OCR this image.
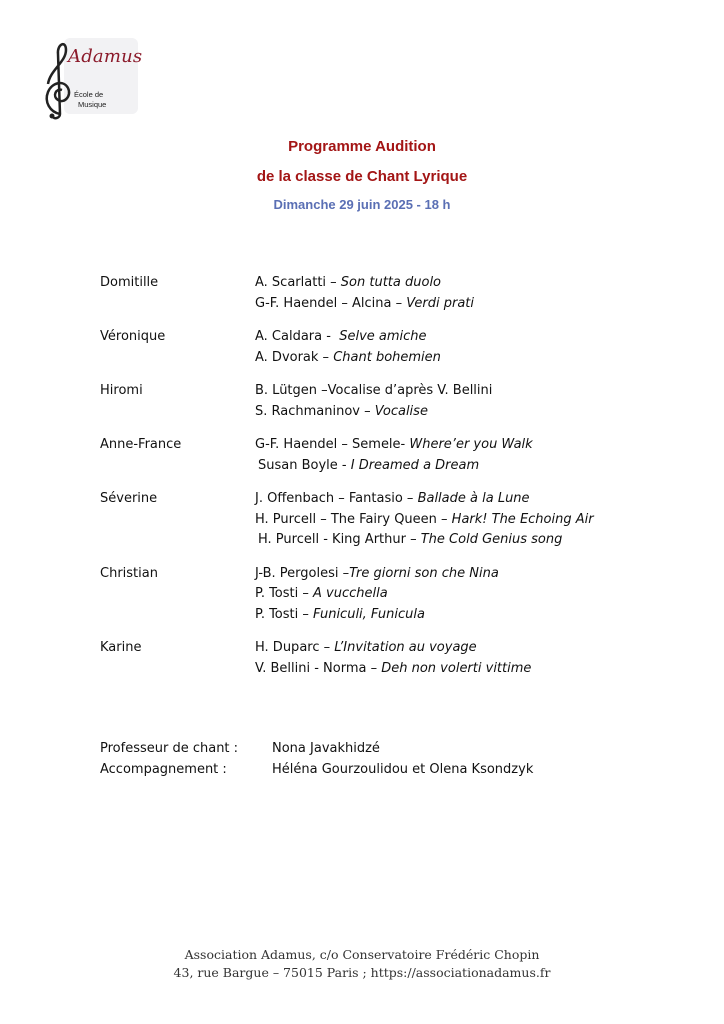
Adamus
École de
Musique
Programme Audition
de la classe de Chant Lyrique
Dimanche 29 juin 2025 - 18 h
Domitille	A. Scarlatti – Son tutta duolo
G-F. Haendel – Alcina – Verdi prati
Véronique	A. Caldara -  Selve amiche
A. Dvorak – Chant bohemien
Hiromi	B. Lütgen –Vocalise d’après V. Bellini
S. Rachmaninov – Vocalise
Anne-France	G-F. Haendel – Semele- Where’er you Walk
Susan Boyle - I Dreamed a Dream
Séverine	J. Offenbach – Fantasio – Ballade à la Lune
H. Purcell – The Fairy Queen – Hark! The Echoing Air
H. Purcell - King Arthur – The Cold Genius song
Christian	J-B. Pergolesi –Tre giorni son che Nina
P. Tosti – A vucchella
P. Tosti – Funiculi, Funicula
Karine	H. Duparc – L’Invitation au voyage
V. Bellini - Norma – Deh non volerti vittime
Professeur de chant :	Nona Javakhidzé
Accompagnement :	Héléna Gourzoulidou et Olena Ksondzyk
Association Adamus, c/o Conservatoire Frédéric Chopin
43, rue Bargue – 75015 Paris ; https://associationadamus.fr
